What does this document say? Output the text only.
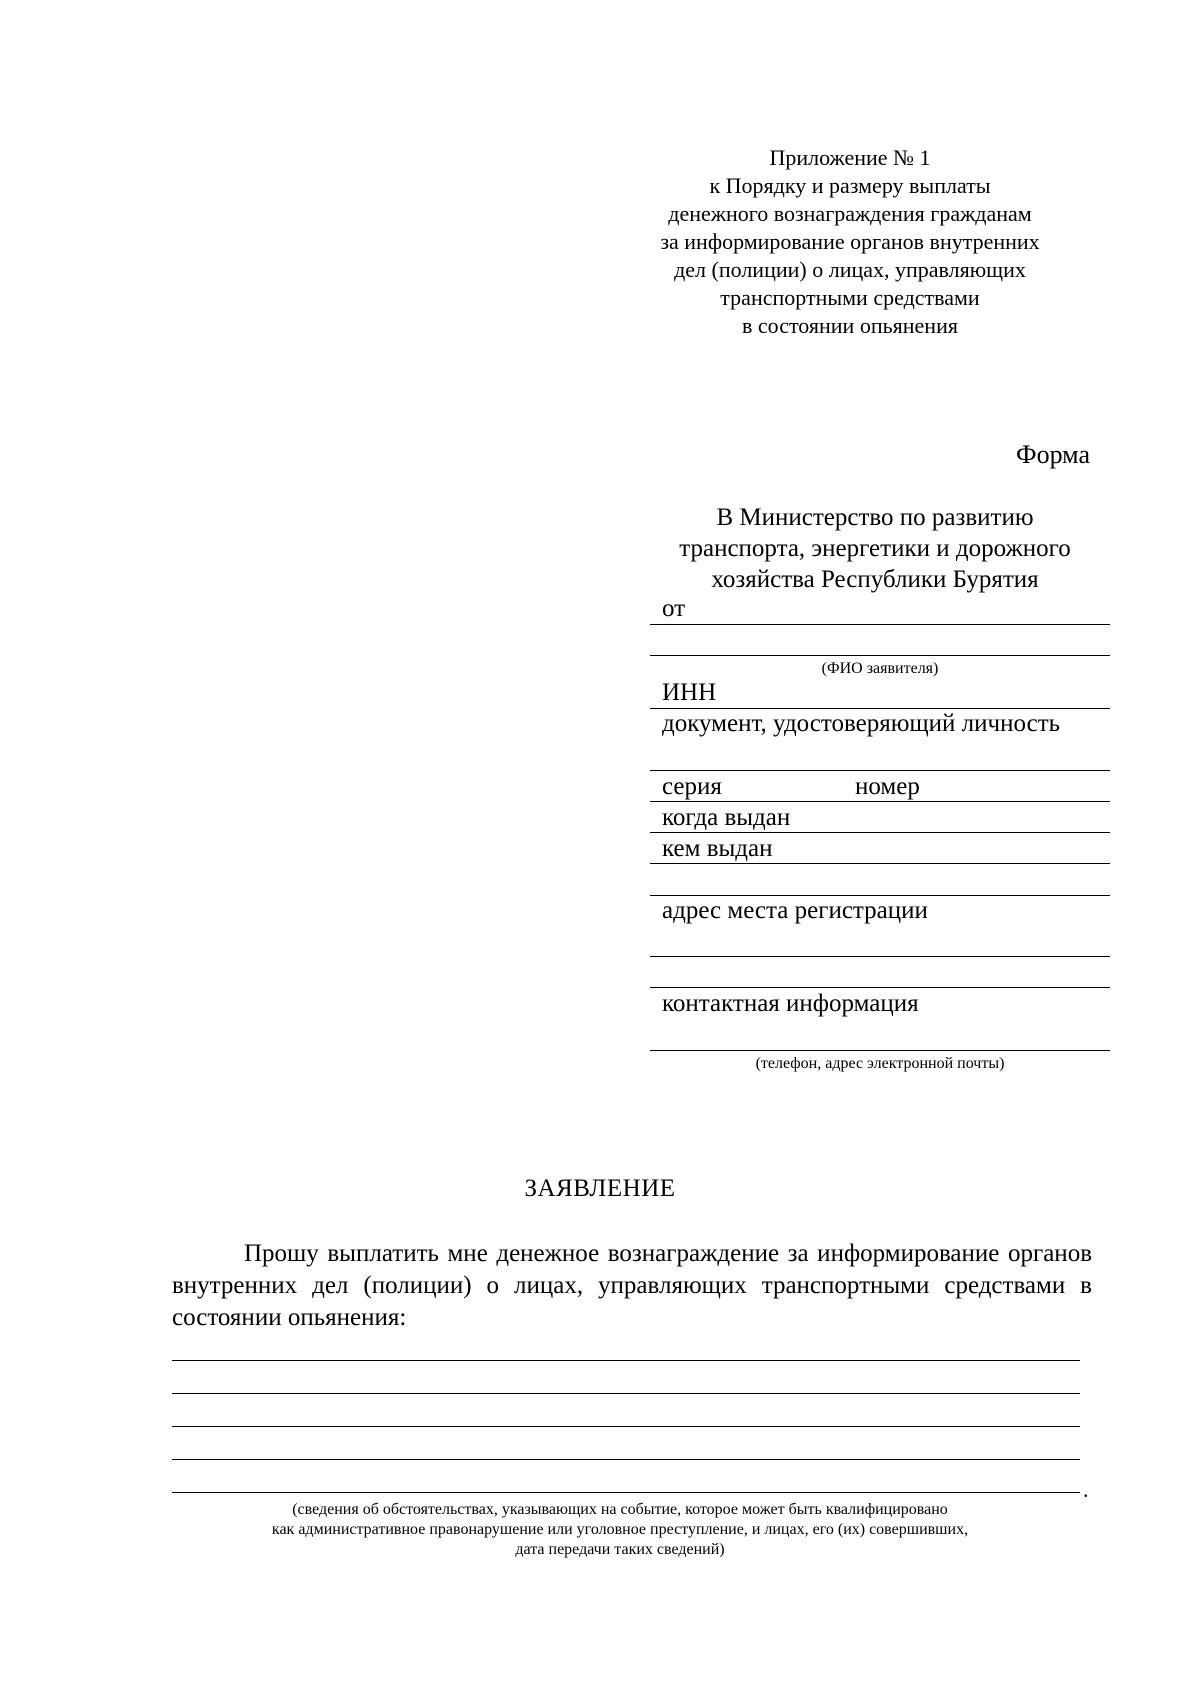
Приложение № 1
к Порядку и размеру выплаты
денежного вознаграждения гражданам
за информирование органов внутренних
дел (полиции) о лицах, управляющих
транспортными средствами
в состоянии опьянения
Форма
В Министерство по развитию
транспорта, энергетики и дорожного
хозяйства Республики Бурятия
от
(ФИО заявителя)
ИНН
документ, удостоверяющий личность
серия	номер
когда выдан
кем выдан
адрес места регистрации
контактная информация
(телефон, адрес электронной почты)
ЗАЯВЛЕНИЕ
Прошу выплатить мне денежное вознаграждение за информирование органов внутренних дел (полиции) о лицах, управляющих транспортными средствами в состоянии опьянения:
.
(сведения об обстоятельствах, указывающих на событие, которое может быть квалифицировано
как административное правонарушение или уголовное преступление, и лицах, его (их) совершивших,
дата передачи таких сведений)
